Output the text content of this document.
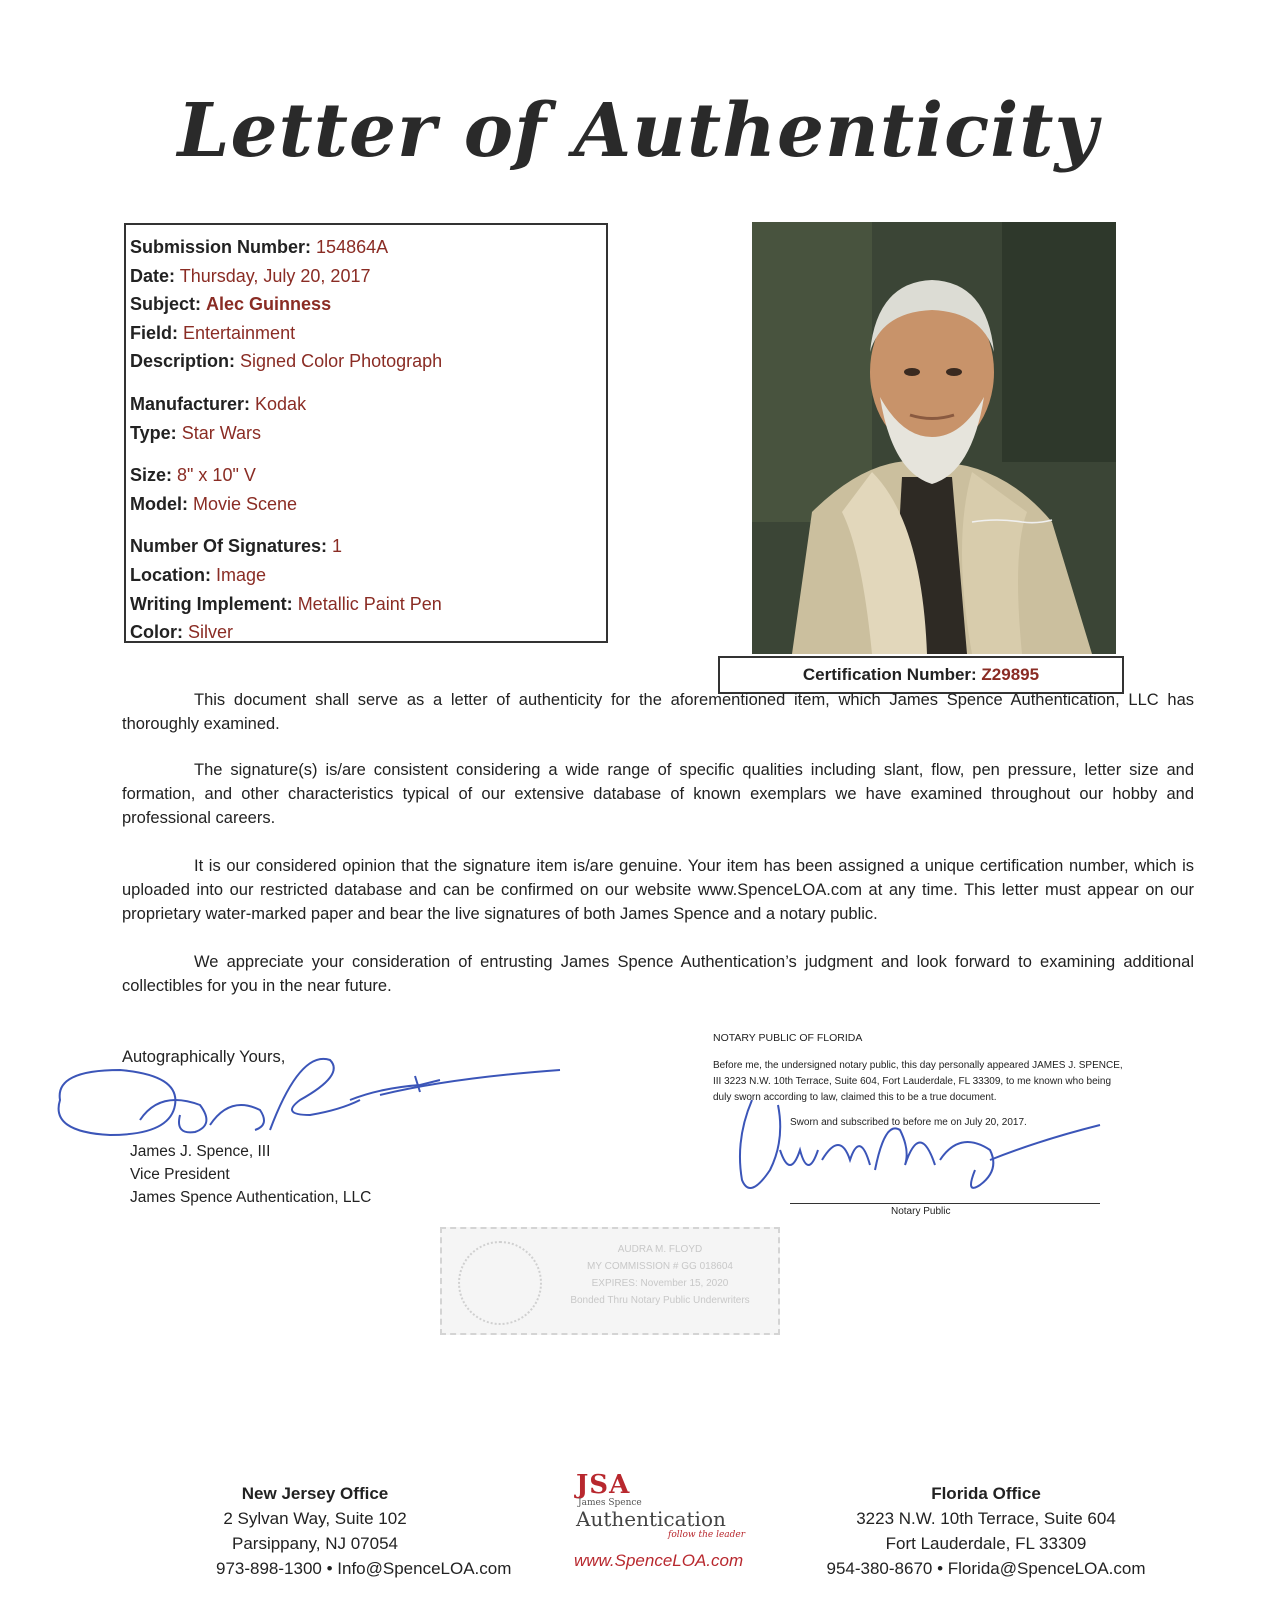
Letter of Authenticity
Submission Number: 154864A
Date: Thursday, July 20, 2017
Subject: Alec Guinness
Field: Entertainment
Description: Signed Color Photograph
Manufacturer: Kodak
Type: Star Wars
Size: 8" x 10" V
Model: Movie Scene
Number Of Signatures: 1
Location: Image
Writing Implement: Metallic Paint Pen
Color: Silver
Certification Number: Z29895
This document shall serve as a letter of authenticity for the aforementioned item, which James Spence Authentication, LLC has thoroughly examined.
The signature(s) is/are consistent considering a wide range of specific qualities including slant, flow, pen pressure, letter size and formation, and other characteristics typical of our extensive database of known exemplars we have examined throughout our hobby and professional careers.
It is our considered opinion that the signature item is/are genuine. Your item has been assigned a unique certification number, which is uploaded into our restricted database and can be confirmed on our website www.SpenceLOA.com at any time. This letter must appear on our proprietary water-marked paper and bear the live signatures of both James Spence and a notary public.
We appreciate your consideration of entrusting James Spence Authentication’s judgment and look forward to examining additional collectibles for you in the near future.
Autographically Yours,
James J. Spence, III
Vice President
James Spence Authentication, LLC
NOTARY PUBLIC OF FLORIDA
Before me, the undersigned notary public, this day personally appeared JAMES J. SPENCE, III 3223 N.W. 10th Terrace, Suite 604, Fort Lauderdale, FL 33309, to me known who being duly sworn according to law, claimed this to be a true document.
Sworn and subscribed to before me on July 20, 2017.
Notary Public
AUDRA M. FLOYD
MY COMMISSION # GG 018604
EXPIRES: November 15, 2020
Bonded Thru Notary Public Underwriters
New Jersey Office
2 Sylvan Way, Suite 102
Parsippany, NJ 07054
973-898-1300 • Info@SpenceLOA.com
JSA
James Spence
Authentication
follow the leader
www.SpenceLOA.com
Florida Office
3223 N.W. 10th Terrace, Suite 604
Fort Lauderdale, FL 33309
954-380-8670 • Florida@SpenceLOA.com
